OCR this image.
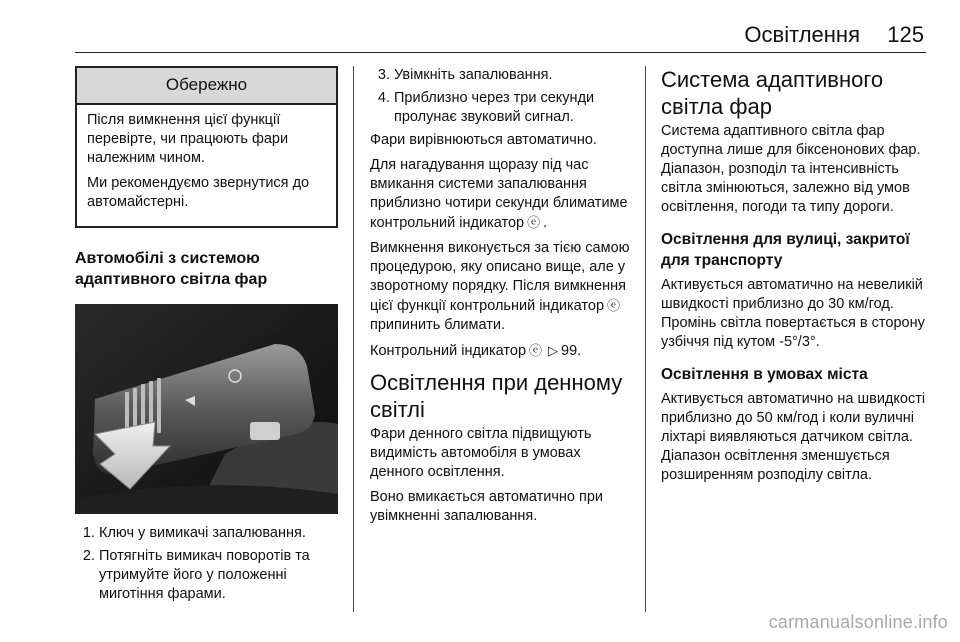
Освітлення 125
Обережно

Після вимкнення цієї функції перевірте, чи працюють фари належним чином.

Ми рекомендуємо звернутися до автомайстерні.

Автомобілі з системою адаптивного світла фар
1. Ключ у вимикачі запалювання.
2. Потягніть вимикач поворотів та утримуйте його у положенні миготіння фарами.
3. Увімкніть запалювання.
4. Приблизно через три секунди пролунає звуковий сигнал.

Фари вирівнюються автоматично.

Для нагадування щоразу під час вмикання системи запалювання приблизно чотири секунди блиматиме контрольний індикатор ⓔ .

Вимкнення виконується за тією самою процедурою, яку описано вище, але у зворотному порядку. Після вимкнення цієї функції контрольний індикатор ⓔприпинить блимати.

Контрольний індикатор ⓔ ▷ 99.

Освітлення при денному світлі

Фари денного світла підвищують видимість автомобіля в умовах денного освітлення.

Воно вмикається автоматично при увімкненні запалювання.

Система адаптивного світла фар

Система адаптивного світла фар доступна лише для біксенонових фар. Діапазон, розподіл та інтенсивність світла змінюються, залежно від умов освітлення, погоди та типу дороги.

Освітлення для вулиці, закритої для транспорту

Активується автоматично на невеликій швидкості приблизно до 30 км/год. Промінь світла повертається в сторону узбіччя під кутом -5°/3°.

Освітлення в умовах міста

Активується автоматично на швидкості приблизно до 50 км/год і коли вуличні ліхтарі виявляються датчиком світла. Діапазон освітлення зменшується розширенням розподілу світла.

carmanualsonline.info
